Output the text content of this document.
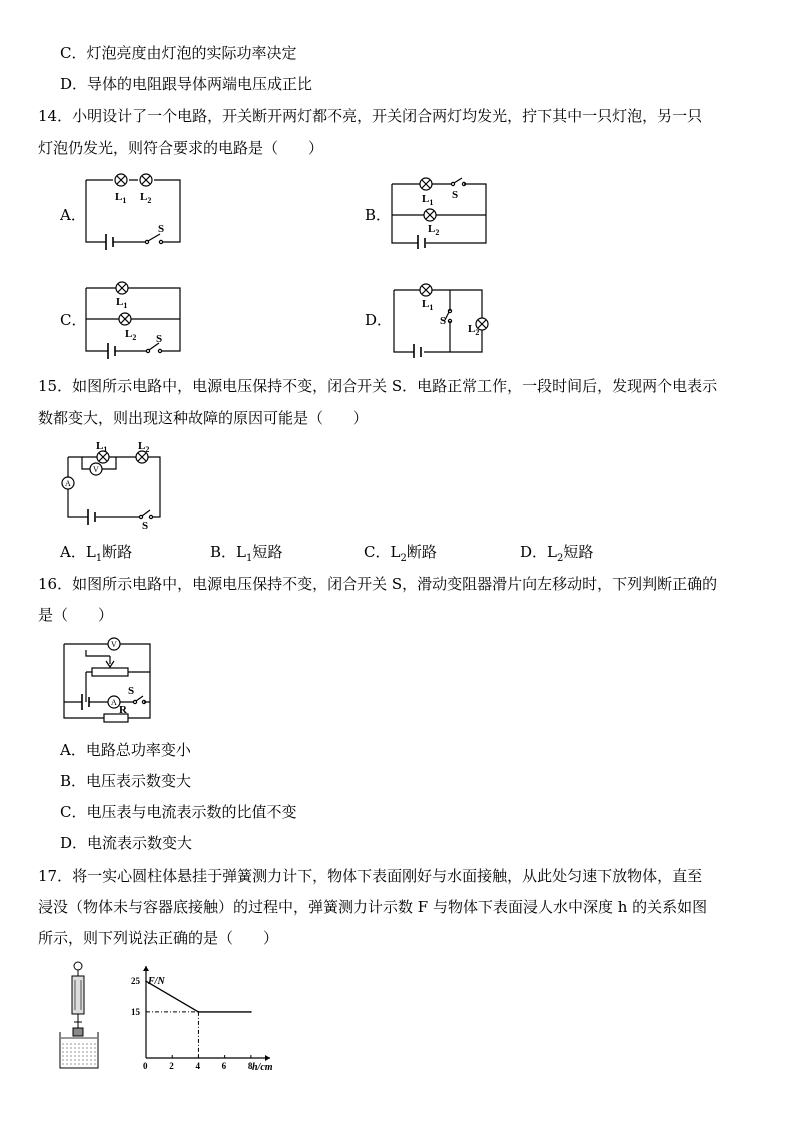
C．灯泡亮度由灯泡的实际功率决定
D．导体的电阻跟导体两端电压成正比
14．小明设计了一个电路，开关断开两灯都不亮，开关闭合两灯均发光，拧下其中一只灯泡，另一只
灯泡仍发光，则符合要求的电路是（　　）
A．	B．
C．	D．
$L_1$ $L_2$
S
$L_1$
$L_2$
S
$L_1$
$L_2$ S
$L_1$
S
$L_2$
15．如图所示电路中，电源电压保持不变，闭合开关 S．电路正常工作，一段时间后，发现两个电表示
数都变大，则出现这种故障的原因可能是（　　）
V
A
$L_1$	$L_2$
S
A．$L_1$断路	B．$L_1$短路	C．$L_2$断路	D．$L_2$短路
16．如图所示电路中，电源电压保持不变，闭合开关 S，滑动变阻器滑片向左移动时，下列判断正确的
是（　　）
V
A
S
R
A．电路总功率变小
B．电压表示数变大
C．电压表与电流表示数的比值不变
D．电流表示数变大
17．将一实心圆柱体悬挂于弹簧测力计下，物体下表面刚好与水面接触，从此处匀速下放物体，直至
浸没（物体未与容器底接触）的过程中，弹簧测力计示数 F 与物体下表面浸人水中深度 h 的关系如图
所示，则下列说法正确的是（　　）
0 2 4 6 8
15
25 F/N
h/cm
